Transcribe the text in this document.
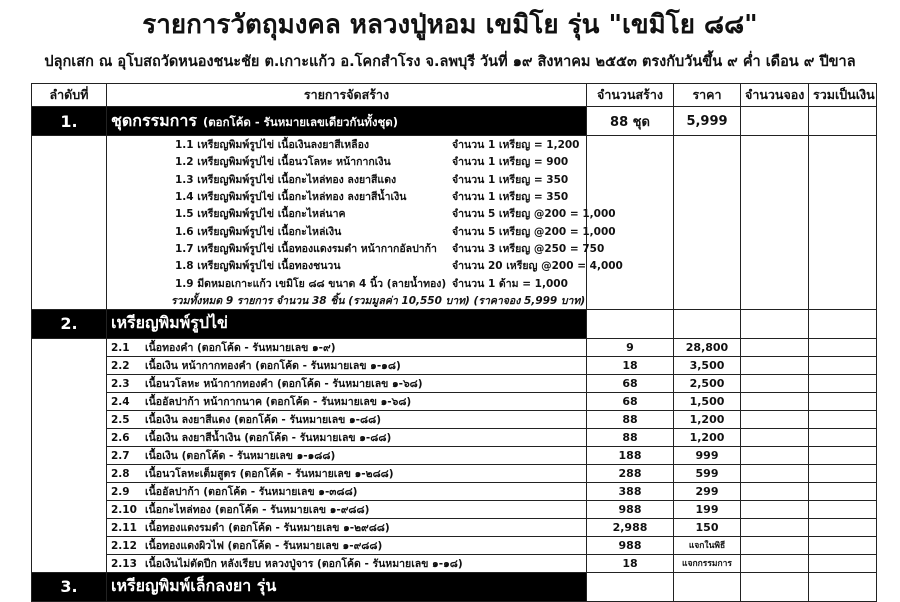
รายการวัตถุมงคล หลวงปู่หอม เขมิโย รุ่น "เขมิโย ๘๘"
ปลุกเสก ณ อุโบสถวัดหนองชนะชัย ต.เกาะแก้ว อ.โคกสำโรง จ.ลพบุรี วันที่ ๑๙ สิงหาคม ๒๕๕๓ ตรงกับวันขึ้น ๙ ค่ำ เดือน ๙ ปีขาล
ลำดับที่	รายการจัดสร้าง	จำนวนสร้าง	ราคา	จำนวนจอง	รวมเป็นเงิน
1.	ชุดกรรมการ (ตอกโค้ด - รันหมายเลขเดียวกันทั้งชุด)	88 ชุด	5,999		
	1.1 เหรียญพิมพ์รูปไข่ เนื้อเงินลงยาสีเหลือง จำนวน 1 เหรียญ = 1,200				

	1.2 เหรียญพิมพ์รูปไข่ เนื้อนวโลหะ หน้ากากเงิน จำนวน 1 เหรียญ = 900				

	1.3 เหรียญพิมพ์รูปไข่ เนื้อกะไหล่ทอง ลงยาสีแดง จำนวน 1 เหรียญ = 350				

	1.4 เหรียญพิมพ์รูปไข่ เนื้อกะไหล่ทอง ลงยาสีน้ำเงิน จำนวน 1 เหรียญ = 350				

	1.5 เหรียญพิมพ์รูปไข่ เนื้อกะไหล่นาค จำนวน 5 เหรียญ @200 = 1,000				

	1.6 เหรียญพิมพ์รูปไข่ เนื้อกะไหล่เงิน จำนวน 5 เหรียญ @200 = 1,000				

	1.7 เหรียญพิมพ์รูปไข่ เนื้อทองแดงรมดำ หน้ากากอัลปาก้า จำนวน 3 เหรียญ @250 = 750				

	1.8 เหรียญพิมพ์รูปไข่ เนื้อทองชนวน จำนวน 20 เหรียญ @200 = 4,000				

	1.9 มีดหมอเกาะแก้ว เขมิโย ๘๘ ขนาด 4 นิ้ว (ลายน้ำทอง) จำนวน 1 ด้าม = 1,000				

	รวมทั้งหมด 9 รายการ จำนวน 38 ชิ้น (รวมมูลค่า 10,550 บาท) (ราคาจอง 5,999 บาท)				
2.	เหรียญพิมพ์รูปไข่				
	2.1 เนื้อทองคำ (ตอกโค้ด - รันหมายเลข ๑-๙)	9	28,800		
	2.2 เนื้อเงิน หน้ากากทองคำ (ตอกโค้ด - รันหมายเลข ๑-๑๘)	18	3,500		
	2.3 เนื้อนวโลหะ หน้ากากทองคำ (ตอกโค้ด - รันหมายเลข ๑-๖๘)	68	2,500		
	2.4 เนื้ออัลปาก้า หน้ากากนาค (ตอกโค้ด - รันหมายเลข ๑-๖๘)	68	1,500		
	2.5 เนื้อเงิน ลงยาสีแดง (ตอกโค้ด - รันหมายเลข ๑-๘๘)	88	1,200		
	2.6 เนื้อเงิน ลงยาสีน้ำเงิน (ตอกโค้ด - รันหมายเลข ๑-๘๘)	88	1,200		
	2.7 เนื้อเงิน (ตอกโค้ด - รันหมายเลข ๑-๑๘๘)	188	999		
	2.8 เนื้อนวโลหะเต็มสูตร (ตอกโค้ด - รันหมายเลข ๑-๒๘๘)	288	599		
	2.9 เนื้ออัลปาก้า (ตอกโค้ด - รันหมายเลข ๑-๓๘๘)	388	299		
	2.10 เนื้อกะไหล่ทอง (ตอกโค้ด - รันหมายเลข ๑-๙๘๘)	988	199		
	2.11 เนื้อทองแดงรมดำ (ตอกโค้ด - รันหมายเลข ๑-๒๙๘๘)	2,988	150		
	2.12 เนื้อทองแดงผิวไฟ (ตอกโค้ด - รันหมายเลข ๑-๙๘๘)	988	แจกในพิธี		
	2.13 เนื้อเงินไม่ตัดปีก หลังเรียบ หลวงปู่จาร (ตอกโค้ด - รันหมายเลข ๑-๑๘)	18	แจกกรรมการ		
3.	เหรียญพิมพ์เล็กลงยา รุ่น				
